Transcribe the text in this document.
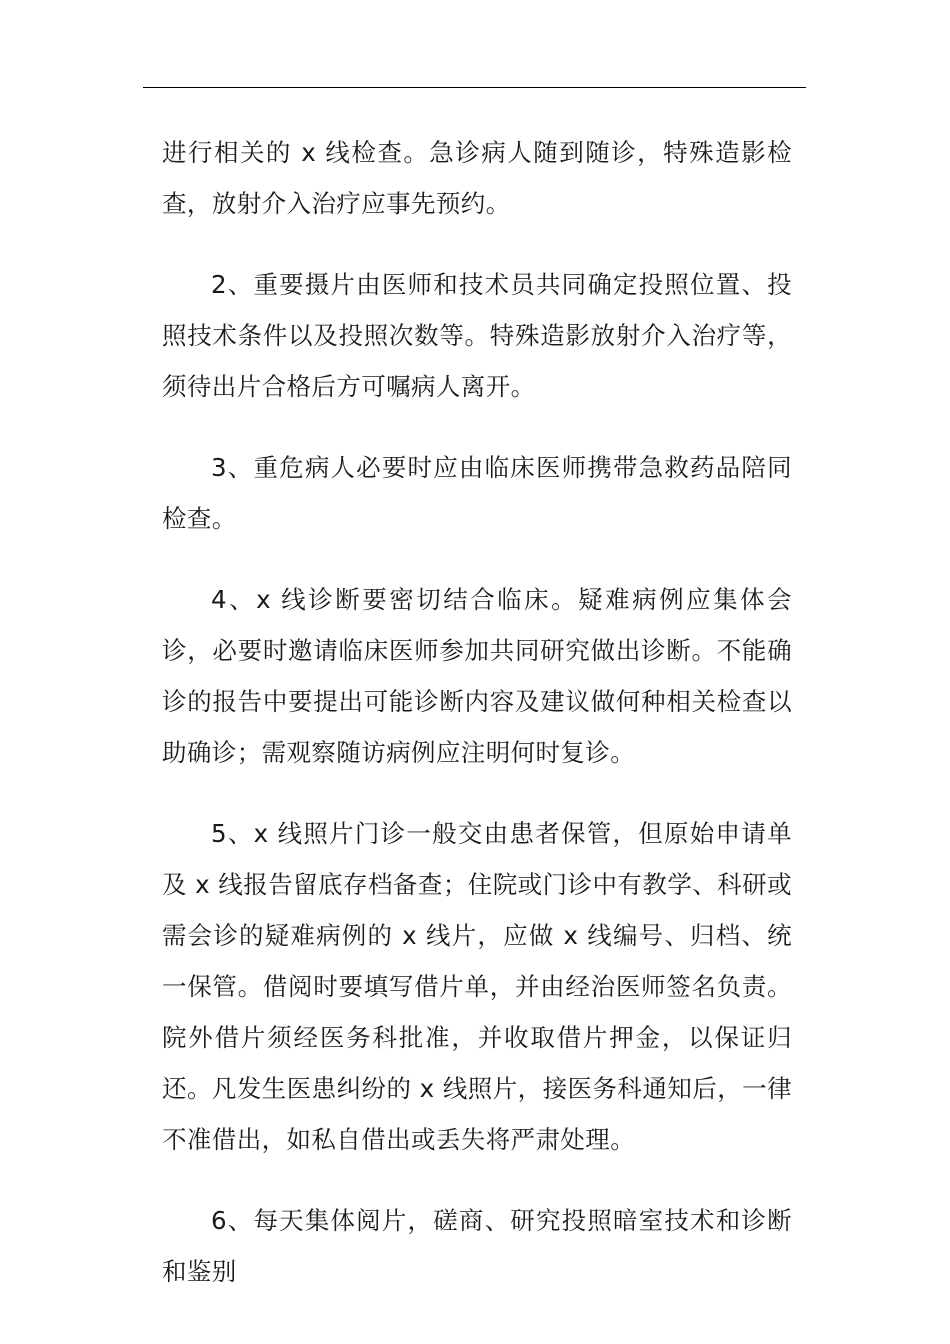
进行相关的 x 线检查。急诊病人随到随诊，特殊造影检查，放射介入治疗应事先预约。

2、重要摄片由医师和技术员共同确定投照位置、投照技术条件以及投照次数等。特殊造影放射介入治疗等，须待出片合格后方可嘱病人离开。

3、重危病人必要时应由临床医师携带急救药品陪同检查。

4、x 线诊断要密切结合临床。疑难病例应集体会诊，必要时邀请临床医师参加共同研究做出诊断。不能确诊的报告中要提出可能诊断内容及建议做何种相关检查以助确诊；需观察随访病例应注明何时复诊。

5、x 线照片门诊一般交由患者保管，但原始申请单及 x 线报告留底存档备查；住院或门诊中有教学、科研或需会诊的疑难病例的 x 线片，应做 x 线编号、归档、统一保管。借阅时要填写借片单，并由经治医师签名负责。院外借片须经医务科批准，并收取借片押金，以保证归还。凡发生医患纠纷的 x 线照片，接医务科通知后，一律不准借出，如私自借出或丢失将严肃处理。

6、每天集体阅片，磋商、研究投照暗室技术和诊断和鉴别
